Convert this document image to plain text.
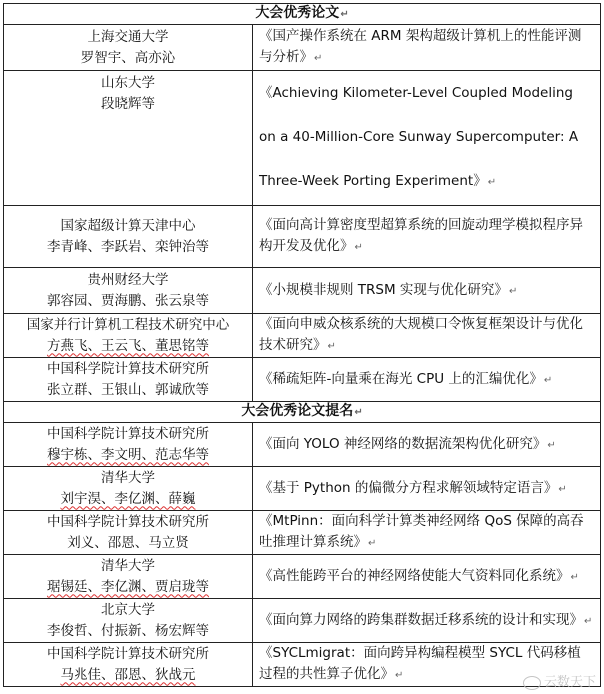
大会优秀论文↵	

上海交通大学
罗智宇、高亦沁	《国产操作系统在 ARM 架构超级计算机上的性能评测与分析》↵

山东大学
段晓辉等	《Achieving Kilometer-Level Coupled Modeling on a 40-Million-Core Sunway Supercomputer: A Three-Week Porting Experiment》↵

国家超级计算天津中心
李青峰、李跃岩、栾钟治等	《面向高计算密度型超算系统的回旋动理学模拟程序异构开发及优化》↵

贵州财经大学
郭容园、贾海鹏、张云泉等	《小规模非规则 TRSM 实现与优化研究》↵

国家并行计算机工程技术研究中心
方燕飞、王云飞、董思铭等	《面向申威众核系统的大规模口令恢复框架设计与优化技术研究》↵

中国科学院计算技术研究所
张立群、王银山、郭诚欣等	《稀疏矩阵-向量乘在海光 CPU 上的汇编优化》↵
大会优秀论文提名↵	

中国科学院计算技术研究所
穆宇栋、李文明、范志华等	《面向 YOLO 神经网络的数据流架构优化研究》↵

清华大学
刘宇淏、李亿渊、薛巍	《基于 Python 的偏微分方程求解领域特定语言》↵

中国科学院计算技术研究所
刘义、邵恩、马立贤	《MtPinn：面向科学计算类神经网络 QoS 保障的高吞吐推理计算系统》↵

清华大学
琚锡廷、李亿渊、贾启珑等	《高性能跨平台的神经网络使能大气资料同化系统》↵

北京大学
李俊哲、付振新、杨宏辉等	《面向算力网络的跨集群数据迁移系统的设计和实现》↵

中国科学院计算技术研究所
马兆佳、邵恩、狄战元	《SYCLmigrat：面向跨异构编程模型 SYCL 代码移植过程的共性算子优化》↵	云数天下
